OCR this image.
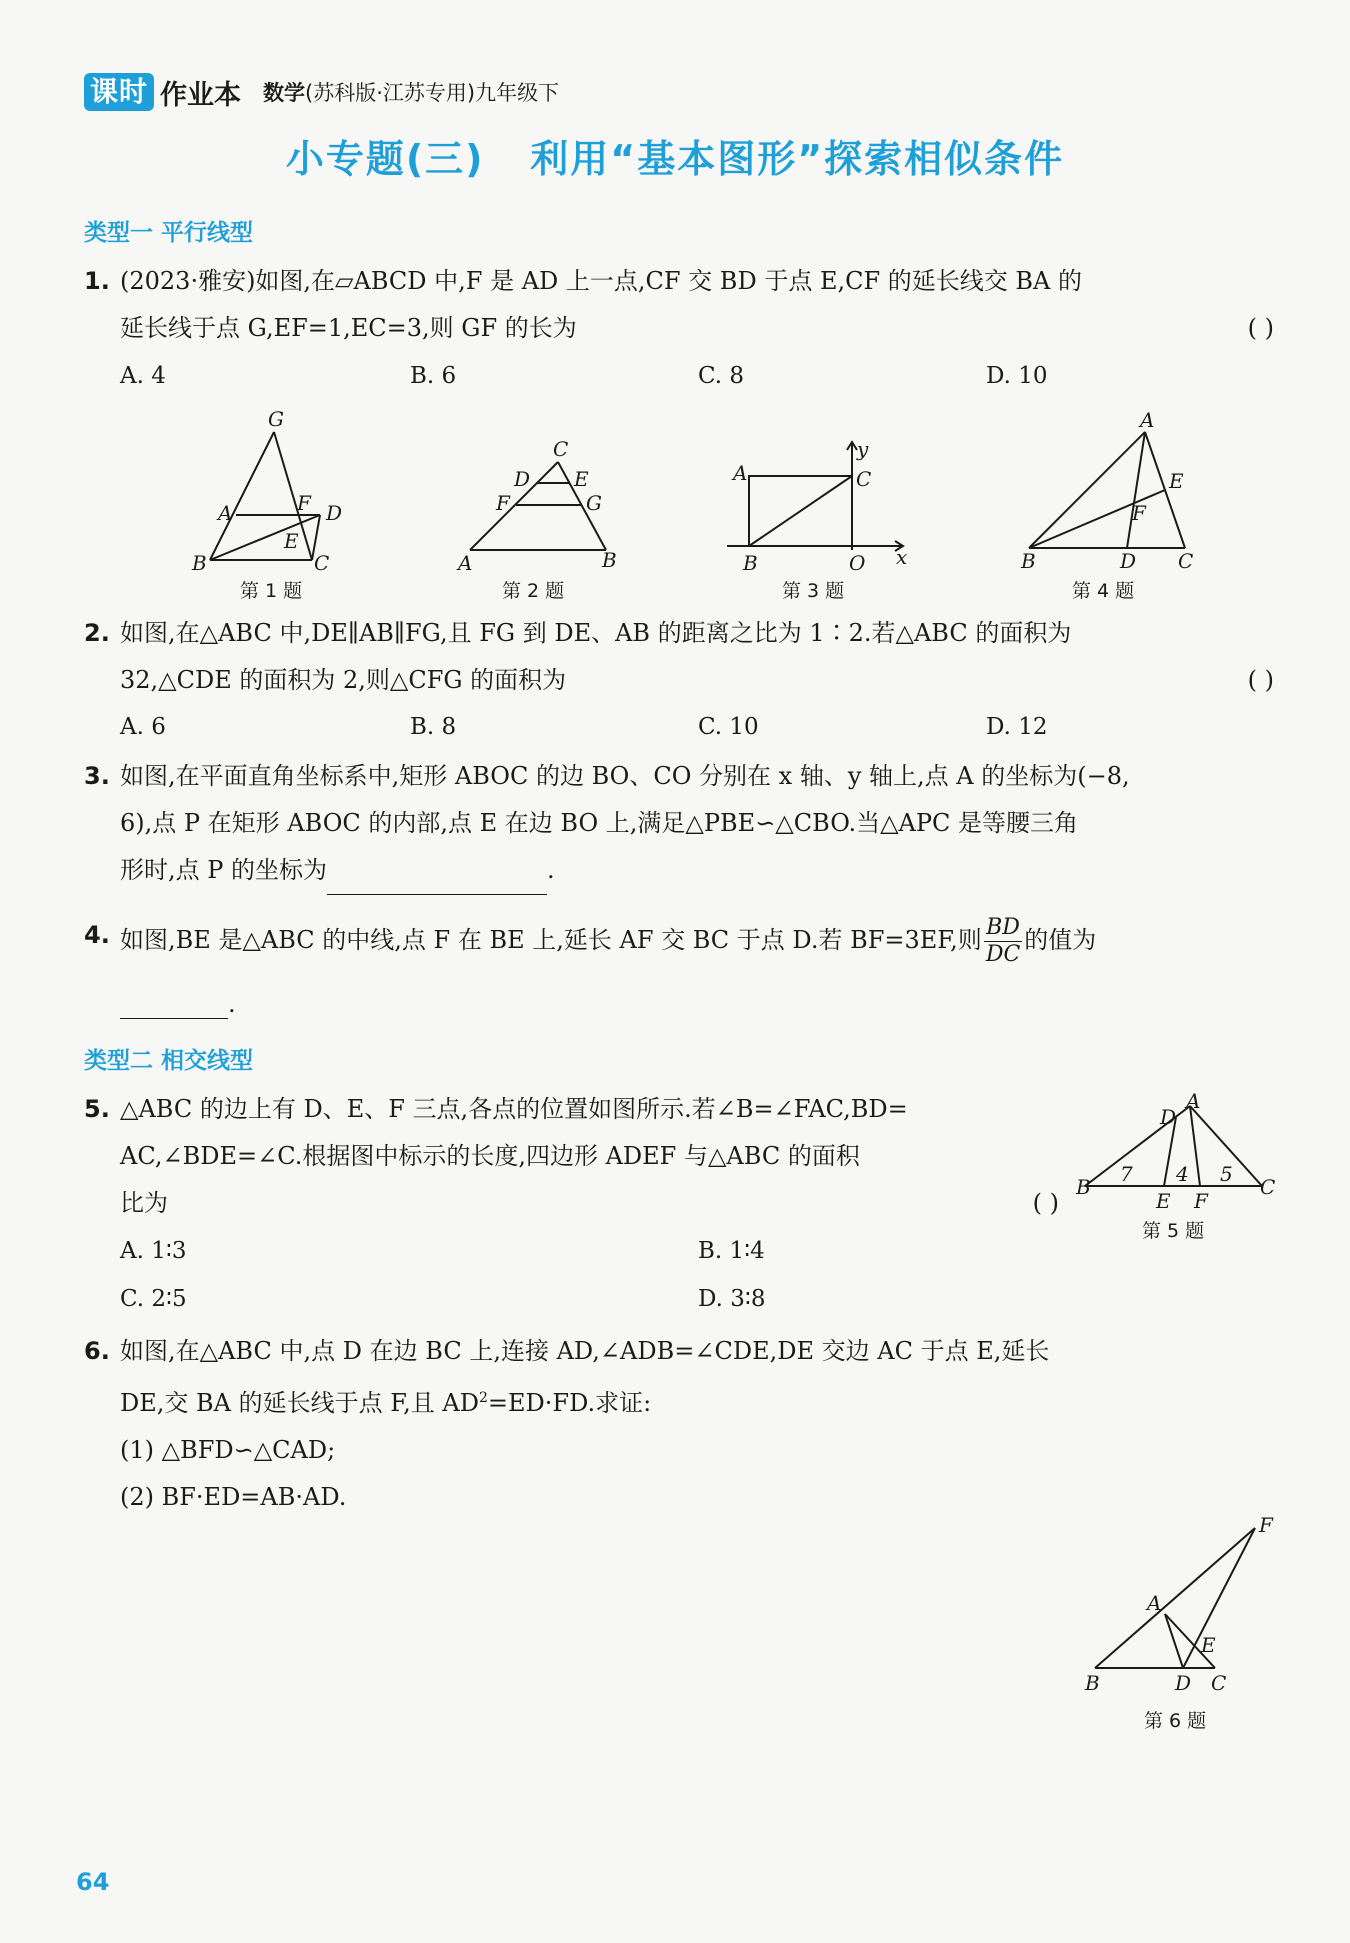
课时 作业本 数学(苏科版·江苏专用)九年级下
小专题(三)   利用“基本图形”探索相似条件
类型一 平行线型
1. (2023·雅安)如图,在▱ABCD 中,F 是 AD 上一点,CF 交 BD 于点 E,CF 的延长线交 BA 的
延长线于点 G,EF=1,EC=3,则 GF 的长为	( )
A. 4	B. 6	C. 8	D. 10
G
A	F D
E
B	C
第 1 题
C
D E
F	G
A	B
第 2 题
y
A	C
B	O x
第 3 题
A
E
F
B	D C
第 4 题
2. 如图,在△ABC 中,DE∥AB∥FG,且 FG 到 DE、AB 的距离之比为 1∶2.若△ABC 的面积为
32,△CDE 的面积为 2,则△CFG 的面积为	( )
A. 6	B. 8	C. 10	D. 12
3. 如图,在平面直角坐标系中,矩形 ABOC 的边 BO、CO 分别在 x 轴、y 轴上,点 A 的坐标为(−8,
6),点 P 在矩形 ABOC 的内部,点 E 在边 BO 上,满足△PBE∽△CBO.当△APC 是等腰三角
形时,点 P 的坐标为	.
4. 如图,BE 是△ABC 的中线,点 F 在 BE 上,延长 AF 交 BC 于点 D.若 BF=3EF,则 $\frac{BD}{DC}$ 的值为
.
类型二 相交线型
5. △ABC 的边上有 D、E、F 三点,各点的位置如图所示.若∠B=∠FAC,BD=
AC,∠BDE=∠C.根据图中标示的长度,四边形 ADEF 与△ABC 的面积
比为	( )
A. 1∶3	B. 1∶4
C. 2∶5	D. 3∶8
D
A
B	C
E F
7 4 5
第 5 题
6. 如图,在△ABC 中,点 D 在边 BC 上,连接 AD,∠ADB=∠CDE,DE 交边 AC 于点 E,延长
DE,交 BA 的延长线于点 F,且 $AD^2=ED\cdot FD$.求证:
(1) △BFD∽△CAD;
(2) BF·ED=AB·AD.
F
A
E
B	D C
第 6 题
64
